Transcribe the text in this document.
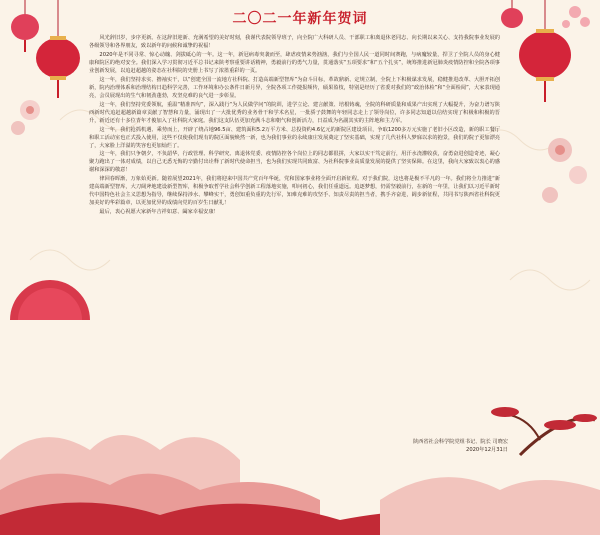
二〇二一年新年贺词

风光辞旧岁，步序更新。在这辞旧迎新、充满希望的美好时刻，我谨代表院领导班子，向全院广大科研人员、干部职工和离退休老同志、向长期以来关心、支持我院事业发展的各级领导和各界朋友，致以新年的问候和诚挚的祝福！

2020年是不同寻常、惊心动魄、剑拔砥心的一年。这一年，新冠病毒突袭而至，肆虐疫情来势汹汹，我们与全国人民一道同时间赛跑，与病魔较量，捍卫了全院人员的身心健康和院区的绝对安全。我们深入学习贯彻习近平总书记来陕考察重要讲话精神，勇毅前行的勇气力量，贯通落实“五项要求”和“五个扎实”，统筹推进新冠肺炎疫情防控和全院各项事业创新发展，以追赶超越的姿态在社科院的史册上书写了浓墨重彩的一页。

这一年，我们坚持求实、撸袖实干，以“创建全国一流地方社科院、打造高端新型智库”为奋斗目标，革故鼎新、定规立制，全院上下积极谋求发展，稳健推进改革、大胆开拓创新，院内治理体系和治理结构日趋科学完善，工作环境和办公条件日新月异，全院各项工作捷报频传，硕果盈枝，特别是经历了省委对我们的“政治体检”和“全面检阅”，大家表现通亮，会员展现出的生气和韧劲蓬勃，攻坚克难的良气进一步彰显。

这一年，我们坚持党委领航，重温“精准四句”，深入践行“为人民做学问”的院训，进学立论、建言献策、培根铸魂，全院的科研质量和成果产出实现了大幅提升，为奋力谱写陕西新时代追赶超越新篇章贡献了智慧和力量，涌现出了一大批优秀的业务骨干和学术名星，一批骄子鼓舞的年轻同志走上了领导岗位，许多同志知道以信结实现了积极和积极的晋升，新近还有十多位青年才俊加入了社科院大家庭。我们这支队伍更加充满斗志和朝气和创新活力，日益成为名副其实的主阵地和主力军。

这一年，我们抢抓机遇、乘势而上，开辟了绕占地96.5亩、建筑面积5.2万平方米、总投资约4.6亿元的新院区建设项目，争取1200多万元实施了老旧小区改造，新的职工餐厅和职工活动室也正式投入使用，这些不仅使我们现有的院区面貌焕然一新，也为我们事业的永续康庄发展奠定了坚实基础，实现了几代社科人梦寐以求的抱景，我们的院子更加漂亮了，大家脸上洋溢的笑容也更加灿烂了。

这一年，我们只争朝夕，不负韶华，行政管理、科学研究、离退休党委、疫情防控各个岗位上的同志都很拼，大家以实干笃定前行，用汗水浇灌收获，奋勇奋进创造奇迹，凝心聚力跑出了一体对成绩，以自己无悉无悔的辛勤付出诠释了新时代使命担当，也为我们实现共同致富、为社科院事业高质量发展的提供了坚实保障。在这里，我向大家致以衷心的感谢和深深的敬意！

律回春晖渐，万象始更新。随着展望2021年，我们将迎来中国共产党百年华诞，党和国家事业将全面开启新征程。对于我们院，这也将是极不平凡的一年。我们将全力推进“新建高端新型智库，大刀阔斧地建设新型智库，积极争取哲学社会科学创新工程落地实施，叩问初心，我们任重道远。追逐梦想，仍需坚毅前行，在新的一年里，让我们以习近平新时代中国特色社会主义思想为指导，继续保持涉水、攀峰实干，勇创知重负重的先行军，知难克难的攻坚手、知责尽责的担当者，携手齐奋进，阔步新征程，共同书写陕西省社科院更加美好的华彩篇章，以更加优异的成绩向党的百岁生日献礼！

最后，衷心祝愿大家新年吉祥如意、阖家幸福安康！

陕西省社会科学院党组书记、院长 司晓宏
2020年12月31日
